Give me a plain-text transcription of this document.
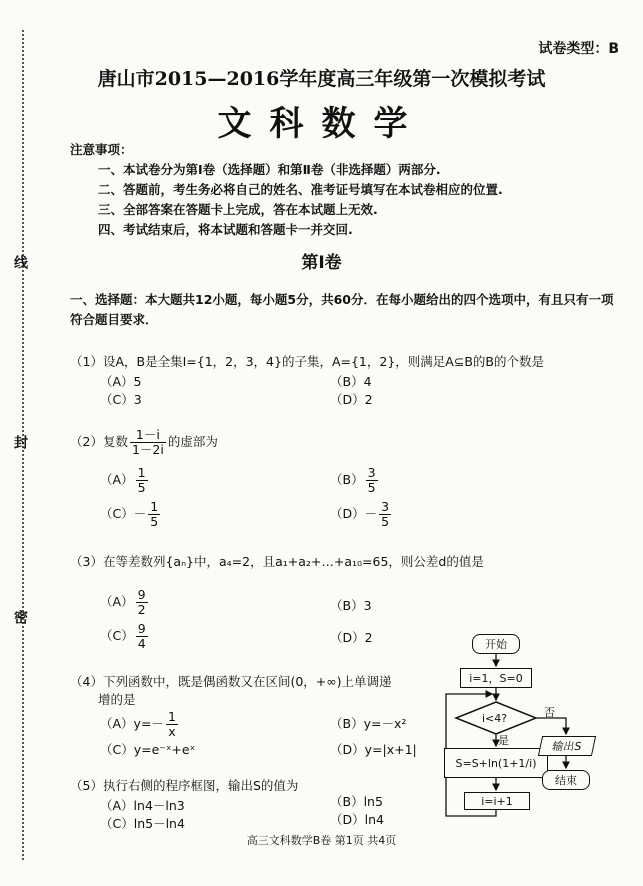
线
封
密
试卷类型：B
唐山市2015—2016学年度高三年级第一次模拟考试
文科数学
注意事项：
一、本试卷分为第Ⅰ卷（选择题）和第Ⅱ卷（非选择题）两部分.
二、答题前，考生务必将自己的姓名、准考证号填写在本试卷相应的位置.
三、全部答案在答题卡上完成，答在本试题上无效.
四、考试结束后，将本试题和答题卡一并交回.
第Ⅰ卷
一、选择题：本大题共12小题，每小题5分，共60分．在每小题给出的四个选项中，有且只有一项符合题目要求．
（1）设A，B是全集I={1，2，3，4}的子集，A={1，2}，则满足A⊆B的B的个数是
（A）5	（B）4
（C）3	（D）2
（2）复数 $\frac{1-i}{1-2i}$ 的虚部为
$(A) \frac{1}{5}$	$(B) \frac{3}{5}$
$(C)- \frac{1}{5}$	$(D)- \frac{3}{5}$
（3）在等差数列{aₙ}中，a₄=2，且a₁+a₂+…+a₁₀=65，则公差d的值是
$(A) \frac{9}{2}$	（B）3
$(C) \frac{9}{4}$	（D）2
（4）下列函数中，既是偶函数又在区间(0，+∞)上单调递
增的是
$(A)y=- \frac{1}{x}$	（B）y=－x²
（C）y=e⁻ˣ+eˣ	（D）y=|x+1|
（5）执行右侧的程序框图，输出S的值为
（A）ln4－ln3	（B）ln5
（C）ln5－ln4	（D）ln4
开始
i=1，S=0
i<4?
是
否
S=S+ln(1+1/i)
输出S
结束
i=i+1
高三文科数学B卷 第1页 共4页
